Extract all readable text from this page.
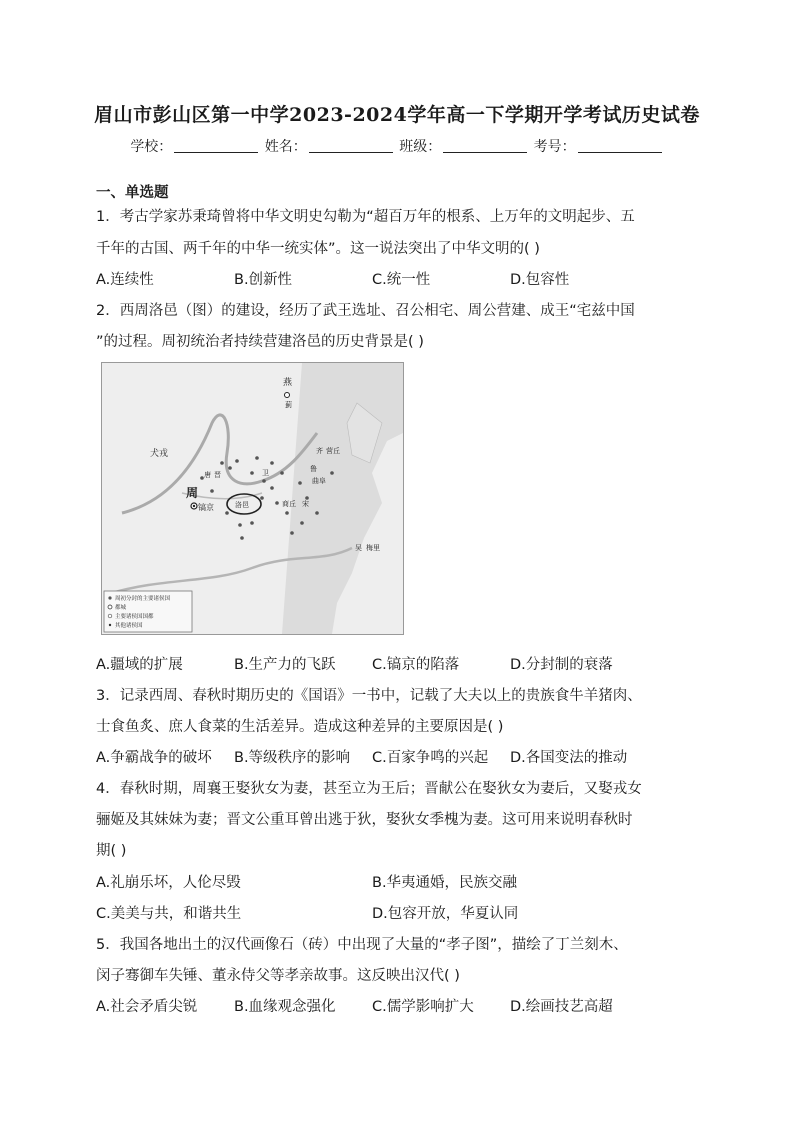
眉山市彭山区第一中学2023-2024学年高一下学期开学考试历史试卷
学校：	姓名：	班级：	考号：
一、单选题
1．考古学家苏秉琦曾将中华文明史勾勒为“超百万年的根系、上万年的文明起步、五
千年的古国、两千年的中华一统实体”。这一说法突出了中华文明的( )
A.连续性	B.创新性	C.统一性	D.包容性
2．西周洛邑（图）的建设，经历了武王选址、召公相宅、周公营建、成王“宅兹中国
”的过程。周初统治者持续营建洛邑的历史背景是( )
燕
蓟
犬戎
周
镐京	洛邑
唐 晋	卫
齐 营丘
鲁
曲阜
商丘 宋
吴 梅里
周初分封的主要诸侯国
都城
主要诸侯国国都
其他诸侯国
A.疆域的扩展	B.生产力的飞跃	C.镐京的陷落	D.分封制的衰落
3．记录西周、春秋时期历史的《国语》一书中，记载了大夫以上的贵族食牛羊猪肉、
士食鱼炙、庶人食菜的生活差异。造成这种差异的主要原因是( )
A.争霸战争的破坏 B.等级秩序的影响 C.百家争鸣的兴起 D.各国变法的推动
4．春秋时期，周襄王娶狄女为妻，甚至立为王后；晋献公在娶狄女为妻后，又娶戎女
骊姬及其妹妹为妻；晋文公重耳曾出逃于狄，娶狄女季槐为妻。这可用来说明春秋时
期( )
A.礼崩乐坏，人伦尽毁	B.华夷通婚，民族交融
C.美美与共，和谐共生	D.包容开放，华夏认同
5．我国各地出土的汉代画像石（砖）中出现了大量的“孝子图”，描绘了丁兰刻木、
闵子骞御车失锤、董永侍父等孝亲故事。这反映出汉代( )
A.社会矛盾尖锐	B.血缘观念强化	C.儒学影响扩大	D.绘画技艺高超
